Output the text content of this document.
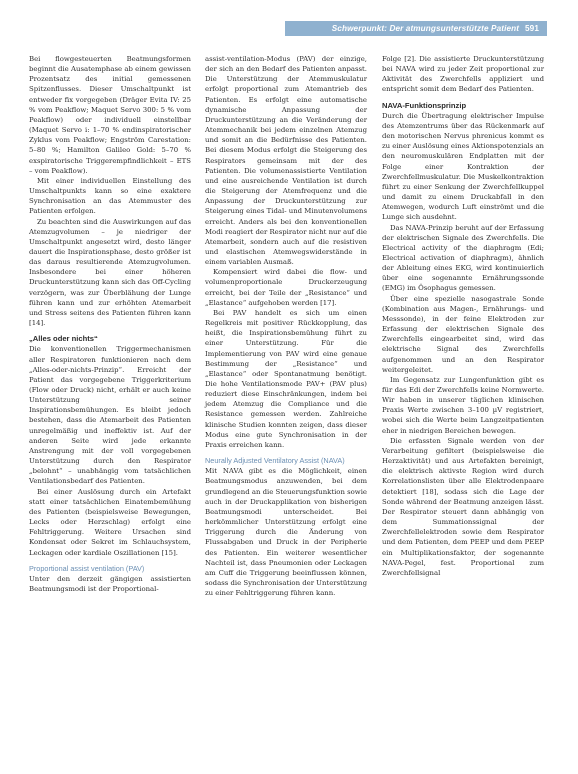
Schwerpunkt: Der atmungsunterstützte Patient 591

Bei flowgesteuerten Beatmungsformen beginnt die Ausatemphase ab einem gewissen Prozentsatz des initial gemessenen Spitzenflusses. Dieser Umschaltpunkt ist entweder fix vorgegeben (Dräger Evita IV: 25 % vom Peakflow; Maquet Servo 300: 5 % vom Peakflow) oder individuell einstellbar (Maquet Servo i: 1–70 % endinspiratorischer Zyklus vom Peakflow; Engström Carestation: 5–80 %; Hamilton Galileo Gold: 5–70 % exspiratorische Triggerempfindlichkeit – ETS – vom Peakflow).

Mit einer individuellen Einstellung des Umschaltpunkts kann so eine exaktere Synchronisation an das Atemmuster des Patienten erfolgen.

Zu beachten sind die Auswirkungen auf das Atemzugvolumen – je niedriger der Umschaltpunkt angesetzt wird, desto länger dauert die Inspirationsphase, desto größer ist das daraus resultierende Atemzugvolumen. Insbesondere bei einer höheren Druckunterstützung kann sich das Off-Cycling verzögern, was zur Überblähung der Lunge führen kann und zur erhöhten Atemarbeit und Stress seitens des Patienten führen kann [14].

„Alles oder nichts“

Die konventionellen Triggermechanismen aller Respiratoren funktionieren nach dem „Alles-oder-nichts-Prinzip“. Erreicht der Patient das vorgegebene Triggerkriterium (Flow oder Druck) nicht, erhält er auch keine Unterstützung seiner Inspirationsbemühungen. Es bleibt jedoch bestehen, dass die Atemarbeit des Patienten unregelmäßig und ineffektiv ist. Auf der anderen Seite wird jede erkannte Anstrengung mit der voll vorgegebenen Unterstützung durch den Respirator „belohnt“ – unabhängig vom tatsächlichen Ventilationsbedarf des Patienten.

Bei einer Auslösung durch ein Artefakt statt einer tatsächlichen Einatembemühung des Patienten (beispielsweise Bewegungen, Lecks oder Herzschlag) erfolgt eine Fehltriggerung. Weitere Ursachen sind Kondensat oder Sekret im Schlauchsystem, Leckagen oder kardiale Oszillationen [15].

Proportional assist ventilation (PAV)

Unter den derzeit gängigen assistierten Beatmungsmodi ist der Proportional-

assist-ventilation-Modus (PAV) der einzige, der sich an den Bedarf des Patienten anpasst. Die Unterstützung der Atemmuskulatur erfolgt proportional zum Atemantrieb des Patienten. Es erfolgt eine automatische dynamische Anpassung der Druckunterstützung an die Veränderung der Atemmechanik bei jedem einzelnen Atemzug und somit an die Bedürfnisse des Patienten. Bei diesem Modus erfolgt die Steigerung des Respirators gemeinsam mit der des Patienten. Die volumenassistierte Ventilation und eine ausreichende Ventilation ist durch die Steigerung der Atemfrequenz und die Anpassung der Druckunterstützung zur Steigerung eines Tidal- und Minutenvolumens erreicht. Anders als bei den konventionellen Modi reagiert der Respirator nicht nur auf die Atemarbeit, sondern auch auf die resistiven und elastischen Atemwegswiderstände in einem variablen Ausmaß.

Kompensiert wird dabei die flow- und volumenproportionale Druckerzeugung erreicht, bei der Teile der „Resistance“ und „Elastance“ aufgehoben werden [17].

Bei PAV handelt es sich um einen Regelkreis mit positiver Rückkopplung, das heißt, die Inspirationsbemühung führt zu einer Unterstützung. Für die Implementierung von PAV wird eine genaue Bestimmung der „Resistance“ und „Elastance“ oder Spontanatmung benötigt. Die hohe Ventilationsmode PAV+ (PAV plus) reduziert diese Einschränkungen, indem bei jedem Atemzug die Compliance und die Resistance gemessen werden. Zahlreiche klinische Studien konnten zeigen, dass dieser Modus eine gute Synchronisation in der Praxis erreichen kann.

Neurally Adjusted Ventilatory Assist (NAVA)

Mit NAVA gibt es die Möglichkeit, einen Beatmungsmodus anzuwenden, bei dem grundlegend an die Steuerungsfunktion sowie auch in der Druckapplikation von bisherigen Beatmungsmodi unterscheidet. Bei herkömmlicher Unterstützung erfolgt eine Triggerung durch die Änderung von Flussabgaben und Druck in der Peripherie des Patienten. Ein weiterer wesentlicher Nachteil ist, dass Pneumonien oder Leckagen am Cuff die Triggerung beeinflussen können, sodass die Synchronisation der Unterstützung zu einer Fehltriggerung führen kann.

Folge [2]. Die assistierte Druckunterstützung bei NAVA wird zu jeder Zeit proportional zur Aktivität des Zwerchfells appliziert und entspricht somit dem Bedarf des Patienten.

NAVA-Funktionsprinzip

Durch die Übertragung elektrischer Impulse des Atemzentrums über das Rückenmark auf den motorischen Nervus phrenicus kommt es zu einer Auslösung eines Aktionspotenzials an den neuromuskulären Endplatten mit der Folge einer Kontraktion der Zwerchfellmuskulatur. Die Muskelkontraktion führt zu einer Senkung der Zwerchfellkuppel und damit zu einem Druckabfall in den Atemwegen, wodurch Luft einströmt und die Lunge sich ausdehnt.

Das NAVA-Prinzip beruht auf der Erfassung der elektrischen Signale des Zwerchfells. Die Electrical activity of the diaphragm (Edi; Electrical activation of diaphragm), ähnlich der Ableitung eines EKG, wird kontinuierlich über eine sogenannte Ernährungssonde (EMG) im Ösophagus gemessen.

Über eine spezielle nasogastrale Sonde (Kombination aus Magen-, Ernährungs- und Messsonde), in der feine Elektroden zur Erfassung der elektrischen Signale des Zwerchfells eingearbeitet sind, wird das elektrische Signal des Zwerchfells aufgenommen und an den Respirator weitergeleitet.

Im Gegensatz zur Lungenfunktion gibt es für das Edi der Zwerchfells keine Normwerte. Wir haben in unserer täglichen klinischen Praxis Werte zwischen 3–100 µV registriert, wobei sich die Werte beim Langzeitpatienten eher in niedrigen Bereichen bewegen.

Die erfassten Signale werden von der Verarbeitung gefiltert (beispielsweise die Herzaktivität) und aus Artefakten bereinigt, die elektrisch aktivste Region wird durch Korrelationslisten über alle Elektrodenpaare detektiert [18], sodass sich die Lage der Sonde während der Beatmung anzeigen lässt. Der Respirator steuert dann abhängig von dem Summationssignal der Zwerchfellelektroden sowie dem Respirator und dem Patienten, dem PEEP und dem PEEP ein Multiplikationsfaktor, der sogenannte NAVA-Pegel, fest. Proportional zum Zwerchfellsignal
